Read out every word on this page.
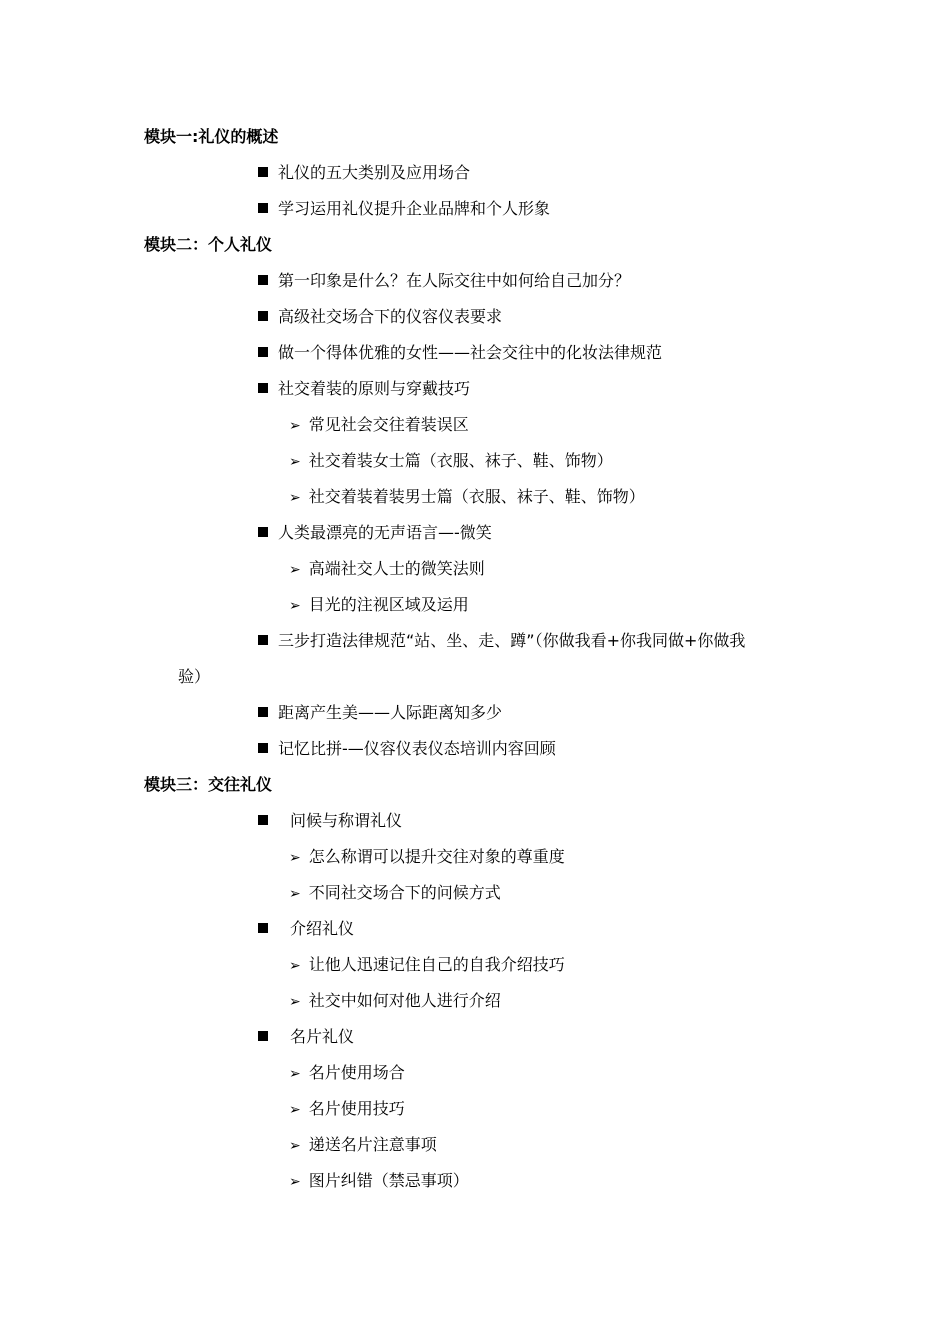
模块一:礼仪的概述
礼仪的五大类别及应用场合
学习运用礼仪提升企业品牌和个人形象
模块二：个人礼仪
第一印象是什么？在人际交往中如何给自己加分？
高级社交场合下的仪容仪表要求
做一个得体优雅的女性——社会交往中的化妆法律规范
社交着装的原则与穿戴技巧
➢ 常见社会交往着装误区
➢ 社交着装女士篇（衣服、袜子、鞋、饰物）
➢ 社交着装着装男士篇（衣服、袜子、鞋、饰物）
人类最漂亮的无声语言—-微笑
➢ 高端社交人士的微笑法则
➢ 目光的注视区域及运用
三步打造法律规范“站、坐、走、蹲”（你做我看+你我同做+你做我
验）
距离产生美——人际距离知多少
记忆比拼-—仪容仪表仪态培训内容回顾
模块三：交往礼仪
问候与称谓礼仪
➢ 怎么称谓可以提升交往对象的尊重度
➢ 不同社交场合下的问候方式
介绍礼仪
➢ 让他人迅速记住自己的自我介绍技巧
➢ 社交中如何对他人进行介绍
名片礼仪
➢ 名片使用场合
➢ 名片使用技巧
➢ 递送名片注意事项
➢ 图片纠错（禁忌事项）
